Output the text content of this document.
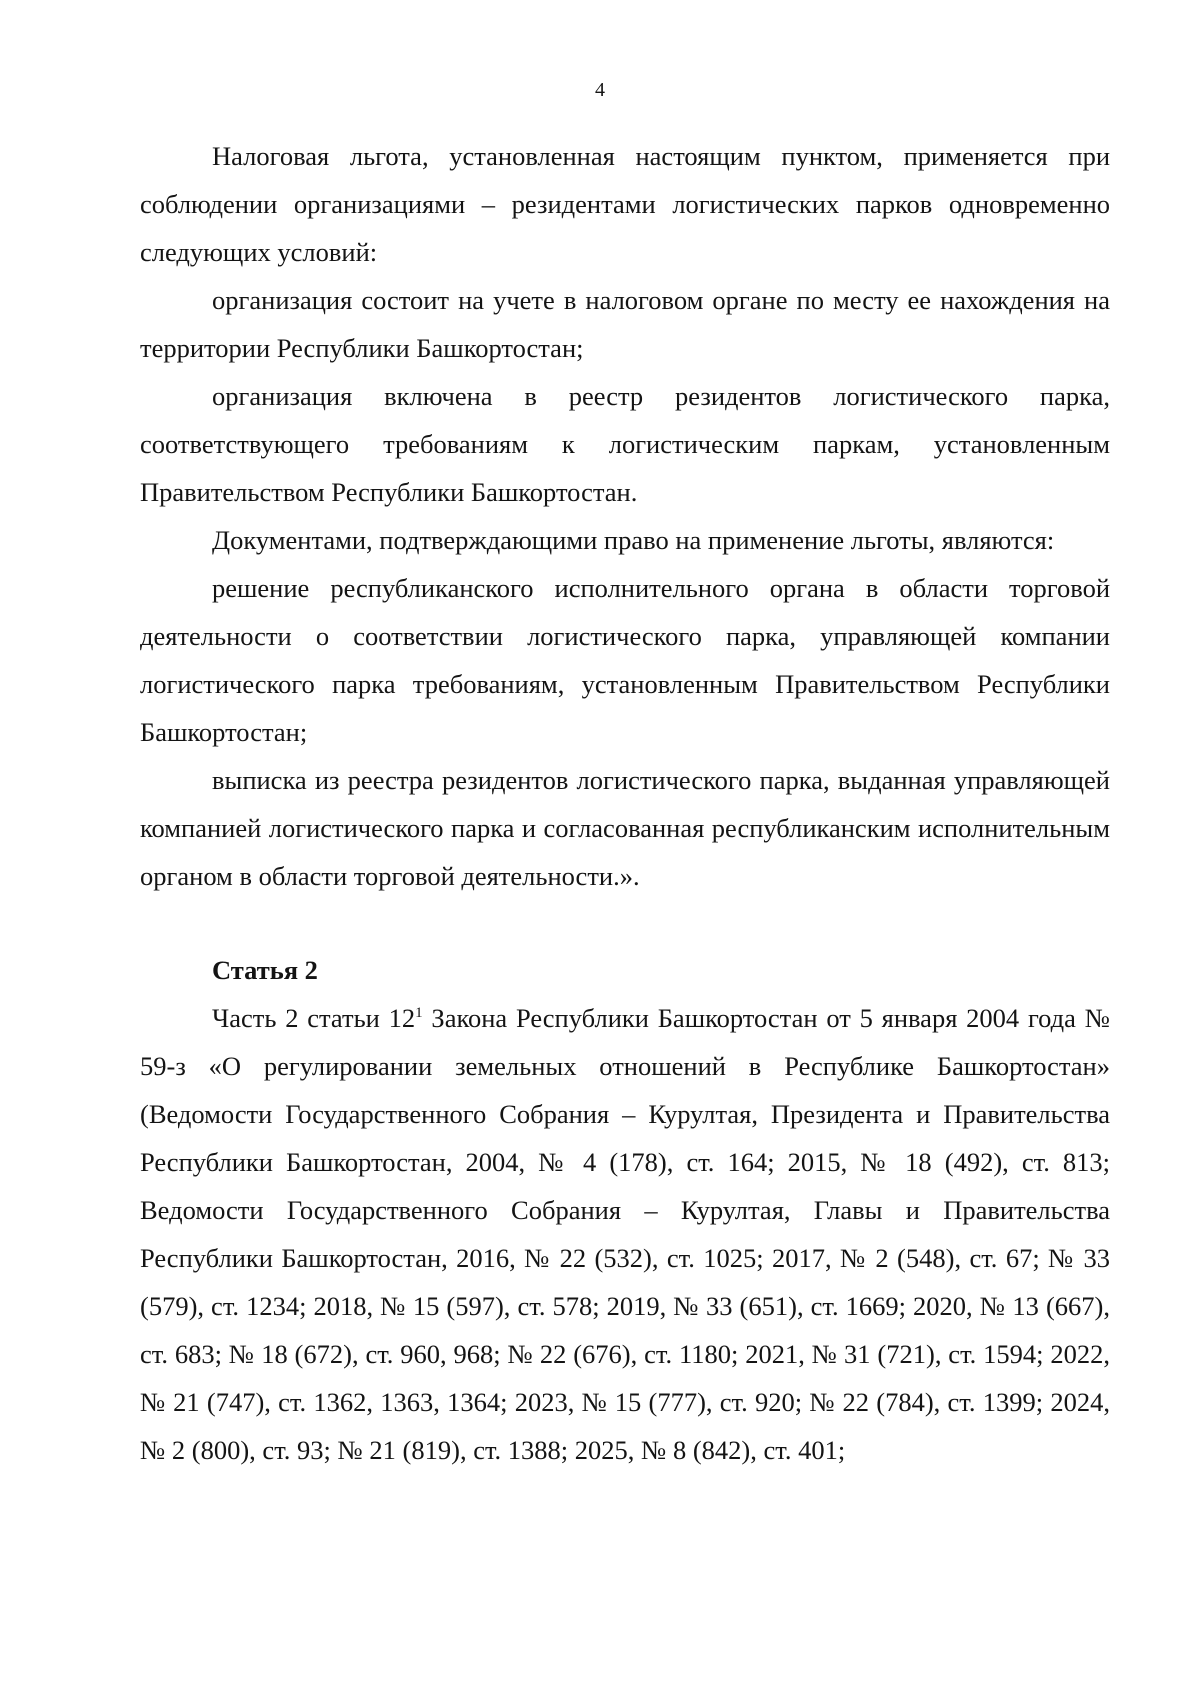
4

Налоговая льгота, установленная настоящим пунктом, применяется при соблюдении организациями – резидентами логистических парков одновременно следующих условий:

организация состоит на учете в налоговом органе по месту ее нахождения на территории Республики Башкортостан;

организация включена в реестр резидентов логистического парка, соответствующего требованиям к логистическим паркам, установленным Правительством Республики Башкортостан.

Документами, подтверждающими право на применение льготы, являются:

решение республиканского исполнительного органа в области торговой деятельности о соответствии логистического парка, управляющей компании логистического парка требованиям, установленным Правительством Республики Башкортостан;

выписка из реестра резидентов логистического парка, выданная управляющей компанией логистического парка и согласованная республиканским исполнительным органом в области торговой деятельности.».

Статья 2

Часть 2 статьи $12^1$ Закона Республики Башкортостан от 5 января 2004 года № 59-з «О регулировании земельных отношений в Республике Башкортостан» (Ведомости Государственного Собрания – Курултая, Президента и Правительства Республики Башкортостан, 2004, № 4 (178), ст. 164; 2015, № 18 (492), ст. 813; Ведомости Государственного Собрания – Курултая, Главы и Правительства Республики Башкортостан, 2016, № 22 (532), ст. 1025; 2017, № 2 (548), ст. 67; № 33 (579), ст. 1234; 2018, № 15 (597), ст. 578; 2019, № 33 (651), ст. 1669; 2020, № 13 (667), ст. 683; № 18 (672), ст. 960, 968; № 22 (676), ст. 1180; 2021, № 31 (721), ст. 1594; 2022, № 21 (747), ст. 1362, 1363, 1364; 2023, № 15 (777), ст. 920; № 22 (784), ст. 1399; 2024, № 2 (800), ст. 93; № 21 (819), ст. 1388; 2025, № 8 (842), ст. 401;
